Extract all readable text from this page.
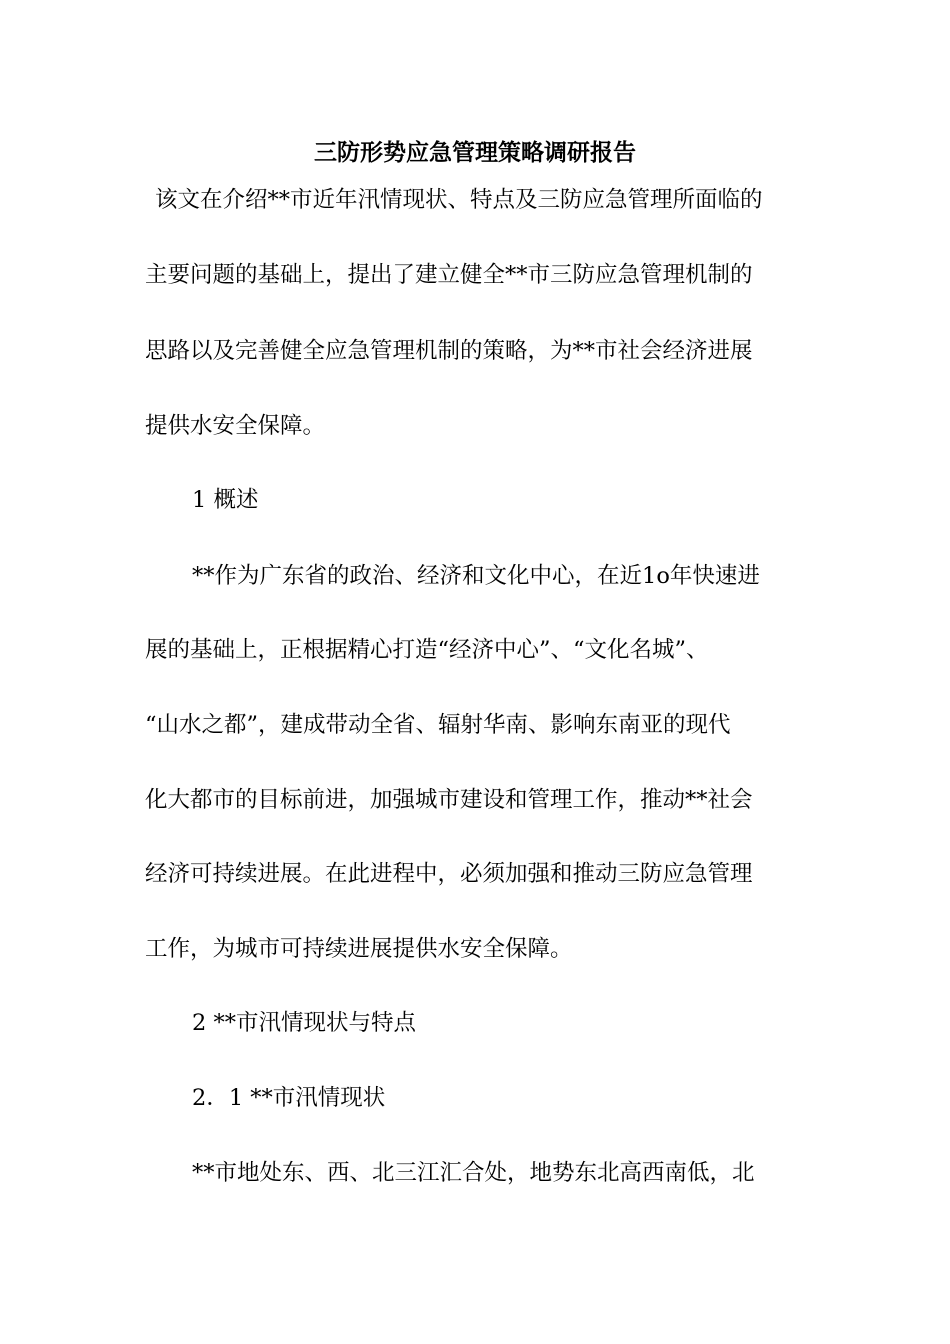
三防形势应急管理策略调研报告

该文在介绍**市近年汛情现状、特点及三防应急管理所面临的

主要问题的基础上，提出了建立健全**市三防应急管理机制的

思路以及完善健全应急管理机制的策略，为**市社会经济进展

提供水安全保障。

1 概述

**作为广东省的政治、经济和文化中心，在近1o年快速进

展的基础上，正根据精心打造“经济中心”、“文化名城”、

“山水之都”，建成带动全省、辐射华南、影响东南亚的现代

化大都市的目标前进，加强城市建设和管理工作，推动**社会

经济可持续进展。在此进程中，必须加强和推动三防应急管理

工作，为城市可持续进展提供水安全保障。

2 **市汛情现状与特点

2．1 **市汛情现状

**市地处东、西、北三江汇合处，地势东北高西南低，北
